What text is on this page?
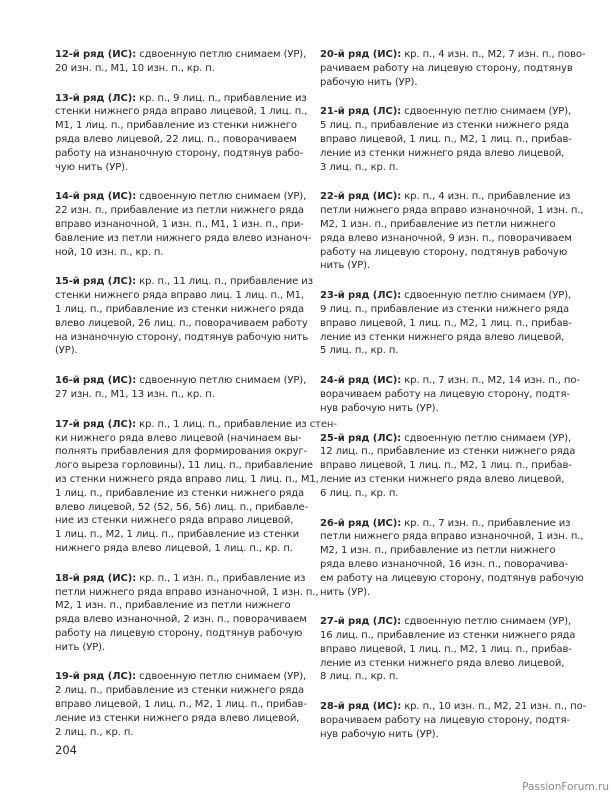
12-й ряд (ИС): сдвоенную петлю снимаем (УР),
20 изн. п., М1, 10 изн. п., кр. п.

13-й ряд (ЛС): кр. п., 9 лиц. п., прибавление из
стенки нижнего ряда вправо лицевой, 1 лиц. п.,
М1, 1 лиц. п., прибавление из стенки нижнего
ряда влево лицевой, 22 лиц. п., поворачиваем
работу на изнаночную сторону, подтянув рабо-
чую нить (УР).

14-й ряд (ИС): сдвоенную петлю снимаем (УР),
22 изн. п., прибавление из петли нижнего ряда
вправо изнаночной, 1 изн. п., М1, 1 изн. п., при-
бавление из петли нижнего ряда влево изнаноч-
ной, 10 изн. п., кр. п.

15-й ряд (ЛС): кр. п., 11 лиц. п., прибавление из
стенки нижнего ряда вправо лиц. 1 лиц. п., М1,
1 лиц. п., прибавление из стенки нижнего ряда
влево лицевой, 26 лиц. п., поворачиваем работу
на изнаночную сторону, подтянув рабочую нить
(УР).

16-й ряд (ИС): сдвоенную петлю снимаем (УР),
27 изн. п., М1, 13 изн. п., кр. п.

17-й ряд (ЛС): кр. п., 1 лиц. п., прибавление из стен-
ки нижнего ряда влево лицевой (начинаем вы-
полнять прибавления для формирования округ-
лого выреза горловины), 11 лиц. п., прибавление
из стенки нижнего ряда вправо лиц. 1 лиц. п., М1,
1 лиц. п., прибавление из стенки нижнего ряда
влево лицевой, 52 (52, 56, 56) лиц. п., прибавле-
ние из стенки нижнего ряда вправо лицевой,
1 лиц. п., М2, 1 лиц. п., прибавление из стенки
нижнего ряда влево лицевой, 1 лиц. п., кр. п.

18-й ряд (ИС): кр. п., 1 изн. п., прибавление из
петли нижнего ряда вправо изнаночной, 1 изн. п.,
М2, 1 изн. п., прибавление из петли нижнего
ряда влево изнаночной, 2 изн. п., поворачиваем
работу на лицевую сторону, подтянув рабочую
нить (УР).

19-й ряд (ЛС): сдвоенную петлю снимаем (УР),
2 лиц. п., прибавление из стенки нижнего ряда
вправо лицевой, 1 лиц. п., М2, 1 лиц. п., прибав-
ление из стенки нижнего ряда влево лицевой,
2 лиц. п., кр. п.

20-й ряд (ИС): кр. п., 4 изн. п., М2, 7 изн. п., пово-
рачиваем работу на лицевую сторону, подтянув
рабочую нить (УР).

21-й ряд (ЛС): сдвоенную петлю снимаем (УР),
5 лиц. п., прибавление из стенки нижнего ряда
вправо лицевой, 1 лиц. п., М2, 1 лиц. п., прибав-
ление из стенки нижнего ряда влево лицевой,
3 лиц. п., кр. п.

22-й ряд (ИС): кр. п., 4 изн. п., прибавление из
петли нижнего ряда вправо изнаночной, 1 изн. п.,
М2, 1 изн. п., прибавление из петли нижнего
ряда влево изнаночной, 9 изн. п., поворачиваем
работу на лицевую сторону, подтянув рабочую
нить (УР).

23-й ряд (ЛС): сдвоенную петлю снимаем (УР),
9 лиц. п., прибавление из стенки нижнего ряда
вправо лицевой, 1 лиц. п., М2, 1 лиц. п., прибав-
ление из стенки нижнего ряда влево лицевой,
5 лиц. п., кр. п.

24-й ряд (ИС): кр. п., 7 изн. п., М2, 14 изн. п., по-
ворачиваем работу на лицевую сторону, подтя-
нув рабочую нить (УР).

25-й ряд (ЛС): сдвоенную петлю снимаем (УР),
12 лиц. п., прибавление из стенки нижнего ряда
вправо лицевой, 1 лиц. п., М2, 1 лиц. п., прибав-
ление из стенки нижнего ряда влево лицевой,
6 лиц. п., кр. п.

26-й ряд (ИС): кр. п., 7 изн. п., прибавление из
петли нижнего ряда вправо изнаночной, 1 изн. п.,
М2, 1 изн. п., прибавление из петли нижнего
ряда влево изнаночной, 16 изн. п., поворачива-
ем работу на лицевую сторону, подтянув рабочую
нить (УР).

27-й ряд (ЛС): сдвоенную петлю снимаем (УР),
16 лиц. п., прибавление из стенки нижнего ряда
вправо лицевой, 1 лиц. п., М2, 1 лиц. п., прибав-
ление из стенки нижнего ряда влево лицевой,
8 лиц. п., кр. п.

28-й ряд (ИС): кр. п., 10 изн. п., М2, 21 изн. п., по-
ворачиваем работу на лицевую сторону, подтя-
нув рабочую нить (УР).

204
PassionForum.ru
